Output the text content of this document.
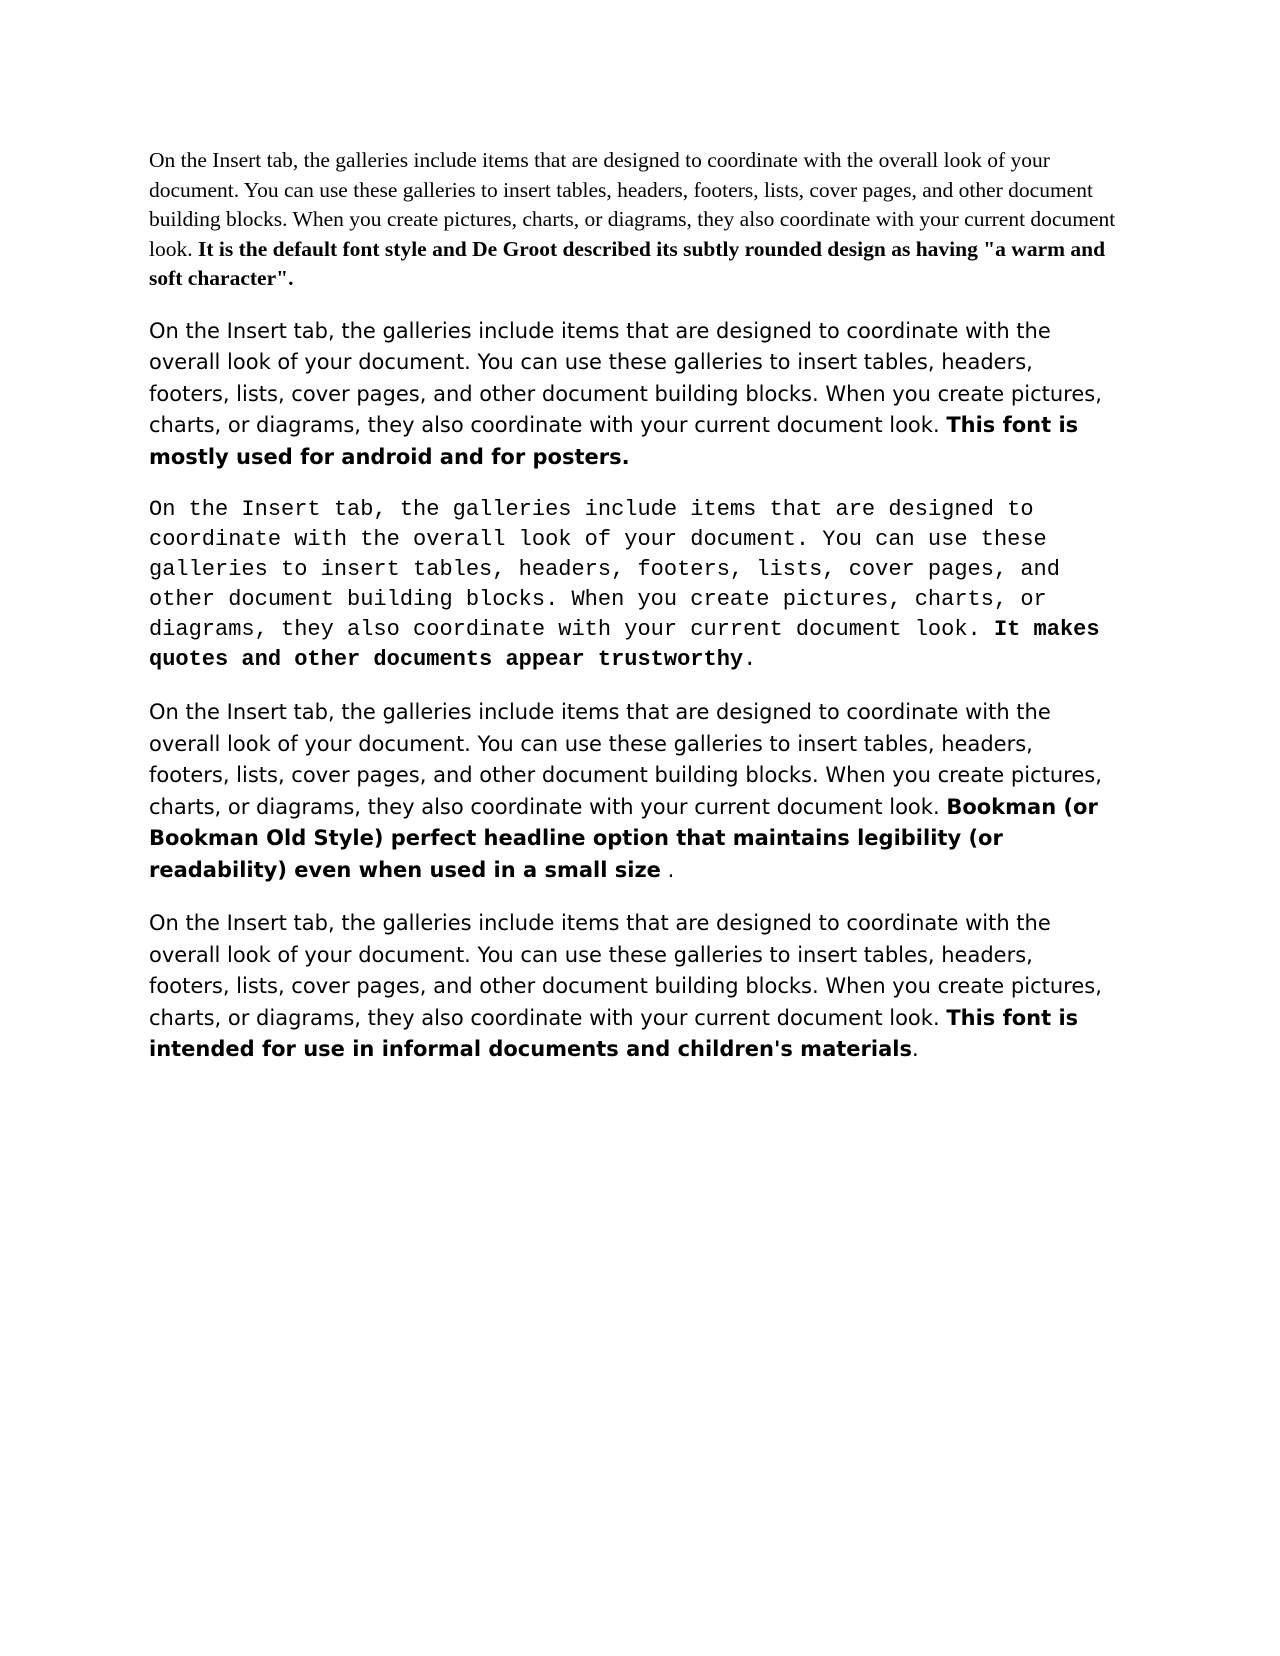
On the Insert tab, the galleries include items that are designed to coordinate with the overall look of your document. You can use these galleries to insert tables, headers, footers, lists, cover pages, and other document building blocks. When you create pictures, charts, or diagrams, they also coordinate with your current document look. It is the default font style and De Groot described its subtly rounded design as having "a warm and soft character".

On the Insert tab, the galleries include items that are designed to coordinate with the overall look of your document. You can use these galleries to insert tables, headers, footers, lists, cover pages, and other document building blocks. When you create pictures, charts, or diagrams, they also coordinate with your current document look. This font is mostly used for android and for posters.

On the Insert tab, the galleries include items that are designed to coordinate with the overall look of your document. You can use these galleries to insert tables, headers, footers, lists, cover pages, and other document building blocks. When you create pictures, charts, or diagrams, they also coordinate with your current document look. It makes quotes and other documents appear trustworthy.

On the Insert tab, the galleries include items that are designed to coordinate with the overall look of your document. You can use these galleries to insert tables, headers, footers, lists, cover pages, and other document building blocks. When you create pictures, charts, or diagrams, they also coordinate with your current document look. Bookman (or Bookman Old Style) perfect headline option that maintains legibility (or readability) even when used in a small size .

On the Insert tab, the galleries include items that are designed to coordinate with the overall look of your document. You can use these galleries to insert tables, headers, footers, lists, cover pages, and other document building blocks. When you create pictures, charts, or diagrams, they also coordinate with your current document look. This font is intended for use in informal documents and children's materials.
